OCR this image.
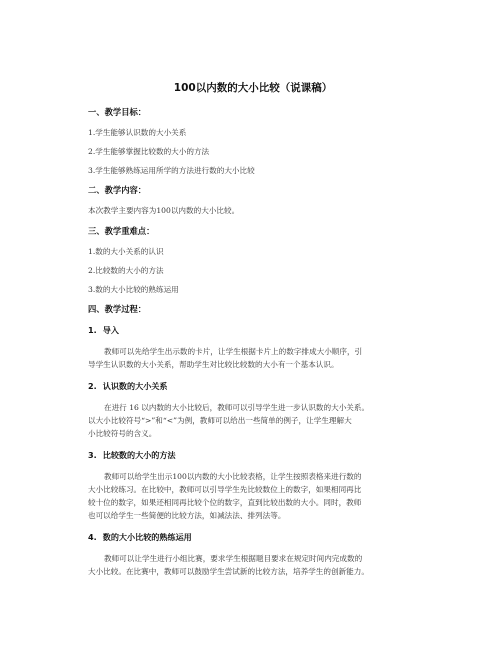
100以内数的大小比较（说课稿）
一、教学目标：
1.学生能够认识数的大小关系
2.学生能够掌握比较数的大小的方法
3.学生能够熟练运用所学的方法进行数的大小比较
二、教学内容：
本次教学主要内容为100以内数的大小比较。
三、教学重难点：
1.数的大小关系的认识
2.比较数的大小的方法
3.数的大小比较的熟练运用
四、教学过程：
1. 导入
教师可以先给学生出示数的卡片，让学生根据卡片上的数字排成大小顺序，引
导学生认识数的大小关系，帮助学生对比较比较数的大小有一个基本认识。
2. 认识数的大小关系
在进行 16 以内数的大小比较后，教师可以引导学生进一步认识数的大小关系。
以大小比较符号“>”和“<”为例，教师可以给出一些简单的例子，让学生理解大
小比较符号的含义。
3. 比较数的大小的方法
教师可以给学生出示100以内数的大小比较表格，让学生按照表格来进行数的
大小比较练习。在比较中，教师可以引导学生先比较数位上的数字，如果相同再比
较十位的数字，如果还相同再比较个位的数字，直到比较出数的大小。同时，教师
也可以给学生一些简便的比较方法，如减法法、排列法等。
4. 数的大小比较的熟练运用
教师可以让学生进行小组比赛，要求学生根据题目要求在规定时间内完成数的
大小比较。在比赛中，教师可以鼓励学生尝试新的比较方法，培养学生的创新能力。
